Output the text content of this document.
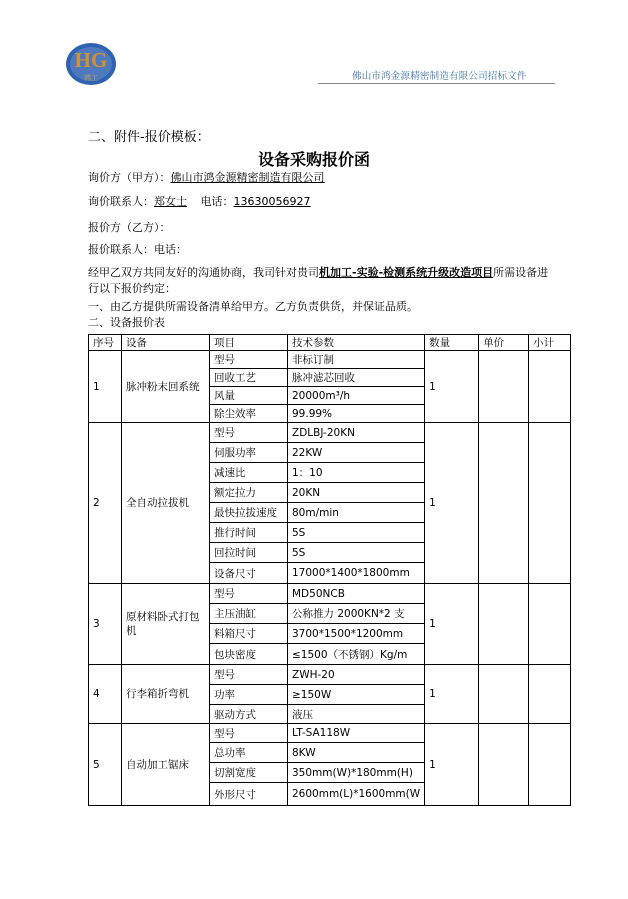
HG
鸿工	佛山市鸿金源精密制造有限公司招标文件
二、附件-报价模板：
设备采购报价函
询价方（甲方）：佛山市鸿金源精密制造有限公司
询价联系人：郑女士 电话：13630056927
报价方（乙方）：
报价联系人：电话：
经甲乙双方共同友好的沟通协商，我司针对贵司机加工-实验-检测系统升级改造项目所需设备进行以下报价约定：
一、由乙方提供所需设备清单给甲方。乙方负责供货，并保证品质。
二、设备报价表
序号	设备	项目	技术参数	数量	单价	小计
1	脉冲粉末回系统	型号	非标订制	1		
		回收工艺	脉冲滤芯回收			
		风量	20000m³/h			
		除尘效率	99.99%			
2	全自动拉拔机	型号	ZDLBJ-20KN	1		
		伺服功率	22KW			
		减速比	1：10			
		额定拉力	20KN			
		最快拉拔速度	80m/min			
		推行时间	5S			
		回拉时间	5S			
		设备尺寸	17000*1400*1800mm			
3	原材料卧式打包机	型号	MD50NCB	1		
		主压油缸	公称推力 2000KN*2 支			
		料箱尺寸	3700*1500*1200mm			
		包块密度	≤1500（不锈钢）Kg/m			
4	行李箱折弯机	型号	ZWH-20	1		
		功率	≥150W			
		驱动方式	液压			
5	自动加工锯床	型号	LT-SA118W	1		
		总功率	8KW			
		切割宽度	350mm(W)*180mm(H)			
		外形尺寸	2600mm(L)*1600mm(W			
